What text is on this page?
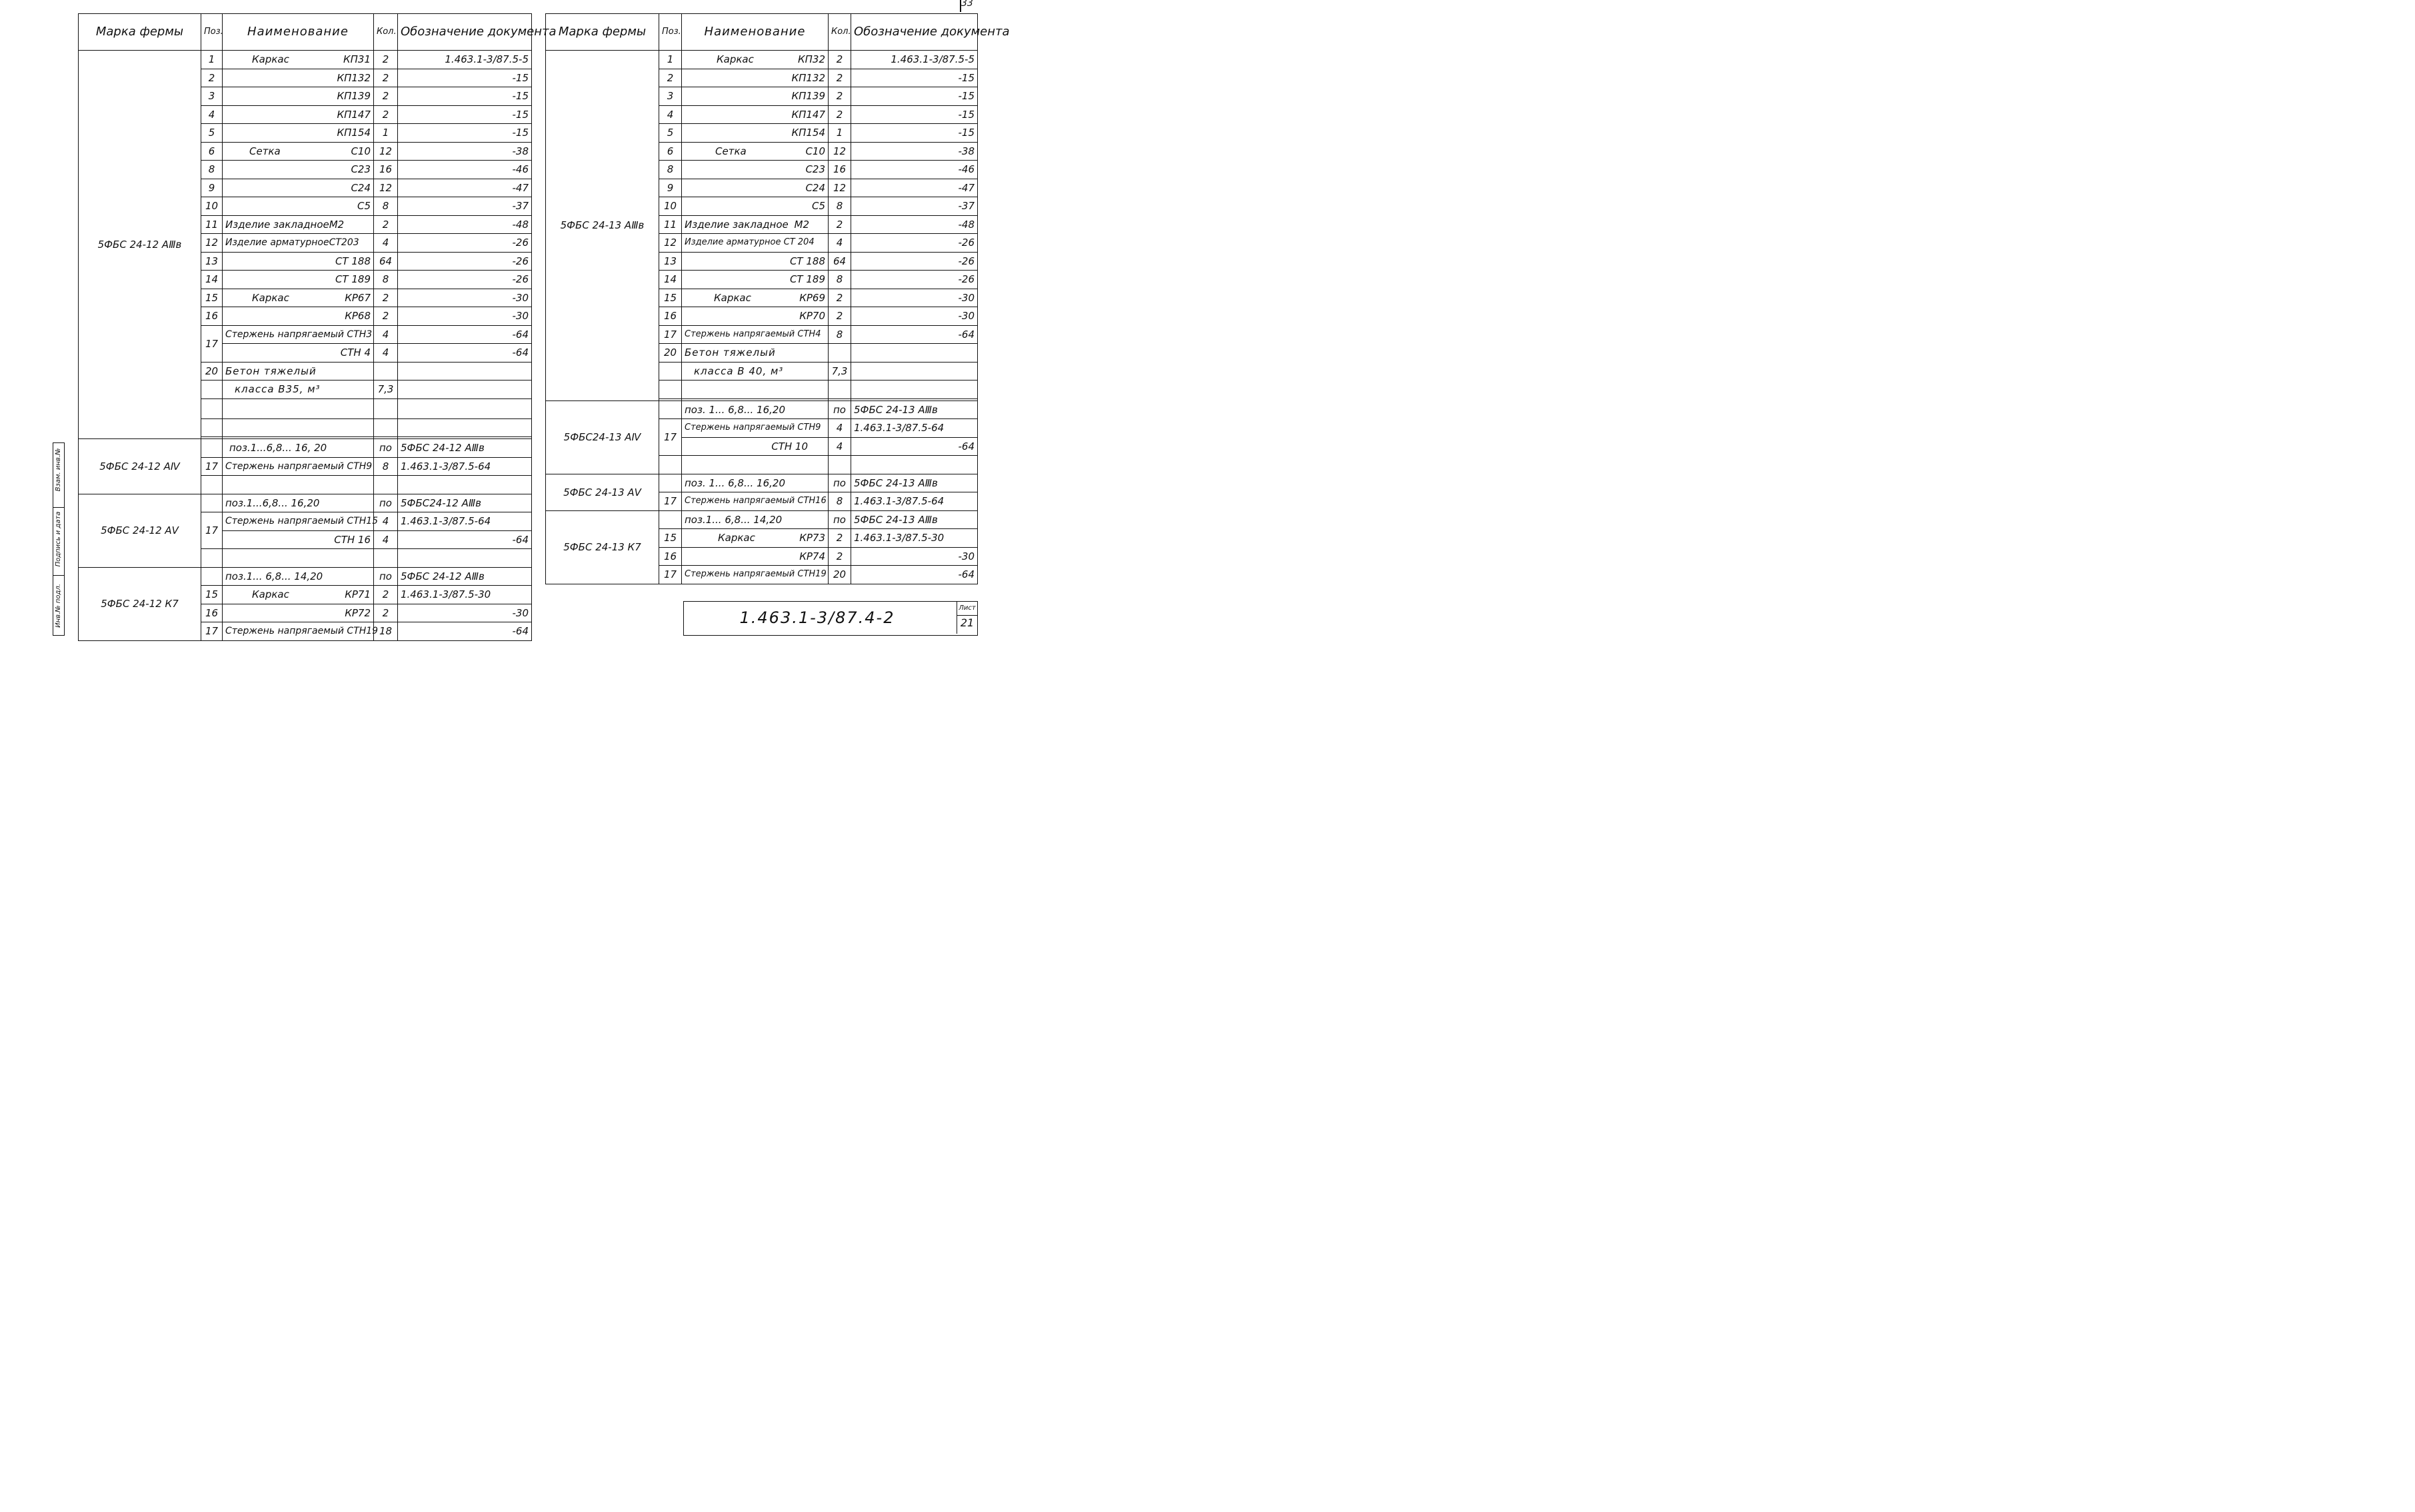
33
Марка фермы	Поз.	Наименование	Кол.	Обозначение документа
5ФБС 24-12 АⅢв	1	Каркас КП31	2	1.463.1-3/87.5-5
	2	КП132	2	-15
	3	КП139	2	-15
	4	КП147	2	-15
	5	КП154	1	-15
	6	Сетка С10	12	-38
	8	С23	16	-46
	9	С24	12	-47
	10	С5	8	-37
	11	Изделие закладное М2	2	-48
	12	Изделие арматурноеСТ203	4	-26
	13	СТ 188	64	-26
	14	СТ 189	8	-26
	15	Каркас КР67	2	-30
	16	КР68	2	-30
	17	Стержень напрягаемый СТН3	4	-64
		СТН 4	4	-64
	20	Бетон тяжелый		
		класса В35, м³	7,3	

5ФБС 24-12 АⅣ		поз.1...6,8... 16, 20	по	5ФБС 24-12 АⅢв
	17	Стержень напрягаемый СТН9	8	1.463.1-3/87.5-64

5ФБС 24-12 АⅤ		поз.1...6,8... 16,20	по	5ФБС24-12 АⅢв
	17	Стержень напрягаемый СТН15	4	1.463.1-3/87.5-64
		СТН 16	4	-64

5ФБС 24-12 К7		поз.1... 6,8... 14,20	по	5ФБС 24-12 АⅢв
	15	Каркас КР71	2	1.463.1-3/87.5-30
	16	КР72	2	-30
	17	Стержень напрягаемый СТН19	18	-64
Марка фермы	Поз.	Наименование	Кол.	Обозначение документа
5ФБС 24-13 АⅢв	1	Каркас КП32	2	1.463.1-3/87.5-5
	2	КП132	2	-15
	3	КП139	2	-15
	4	КП147	2	-15
	5	КП154	1	-15
	6	Сетка С10	12	-38
	8	С23	16	-46
	9	С24	12	-47
	10	С5	8	-37
	11	Изделие закладное М2	2	-48
	12	Изделие арматурное СТ 204	4	-26
	13	СТ 188	64	-26
	14	СТ 189	8	-26
	15	Каркас КР69	2	-30
	16	КР70	2	-30
	17	Стержень напрягаемый СТН4	8	-64
	20	Бетон тяжелый		
		класса В 40, м³	7,3	

5ФБС24-13 АⅣ		поз. 1... 6,8... 16,20	по	5ФБС 24-13 АⅢв
	17	Стержень напрягаемый СТН9	4	1.463.1-3/87.5-64
		СТН 10	4	-64

5ФБС 24-13 АⅤ		поз. 1... 6,8... 16,20	по	5ФБС 24-13 АⅢв
	17	Стержень напрягаемый СТН16	8	1.463.1-3/87.5-64
5ФБС 24-13 К7		поз.1... 6,8... 14,20	по	5ФБС 24-13 АⅢв
	15	Каркас КР73	2	1.463.1-3/87.5-30
	16	КР74	2	-30
	17	Стержень напрягаемый СТН19	20	-64
Взам. инв.№
Подпись и дата
Инв.№ подл.	1.463.1-3/87.4-2
Лист
21
